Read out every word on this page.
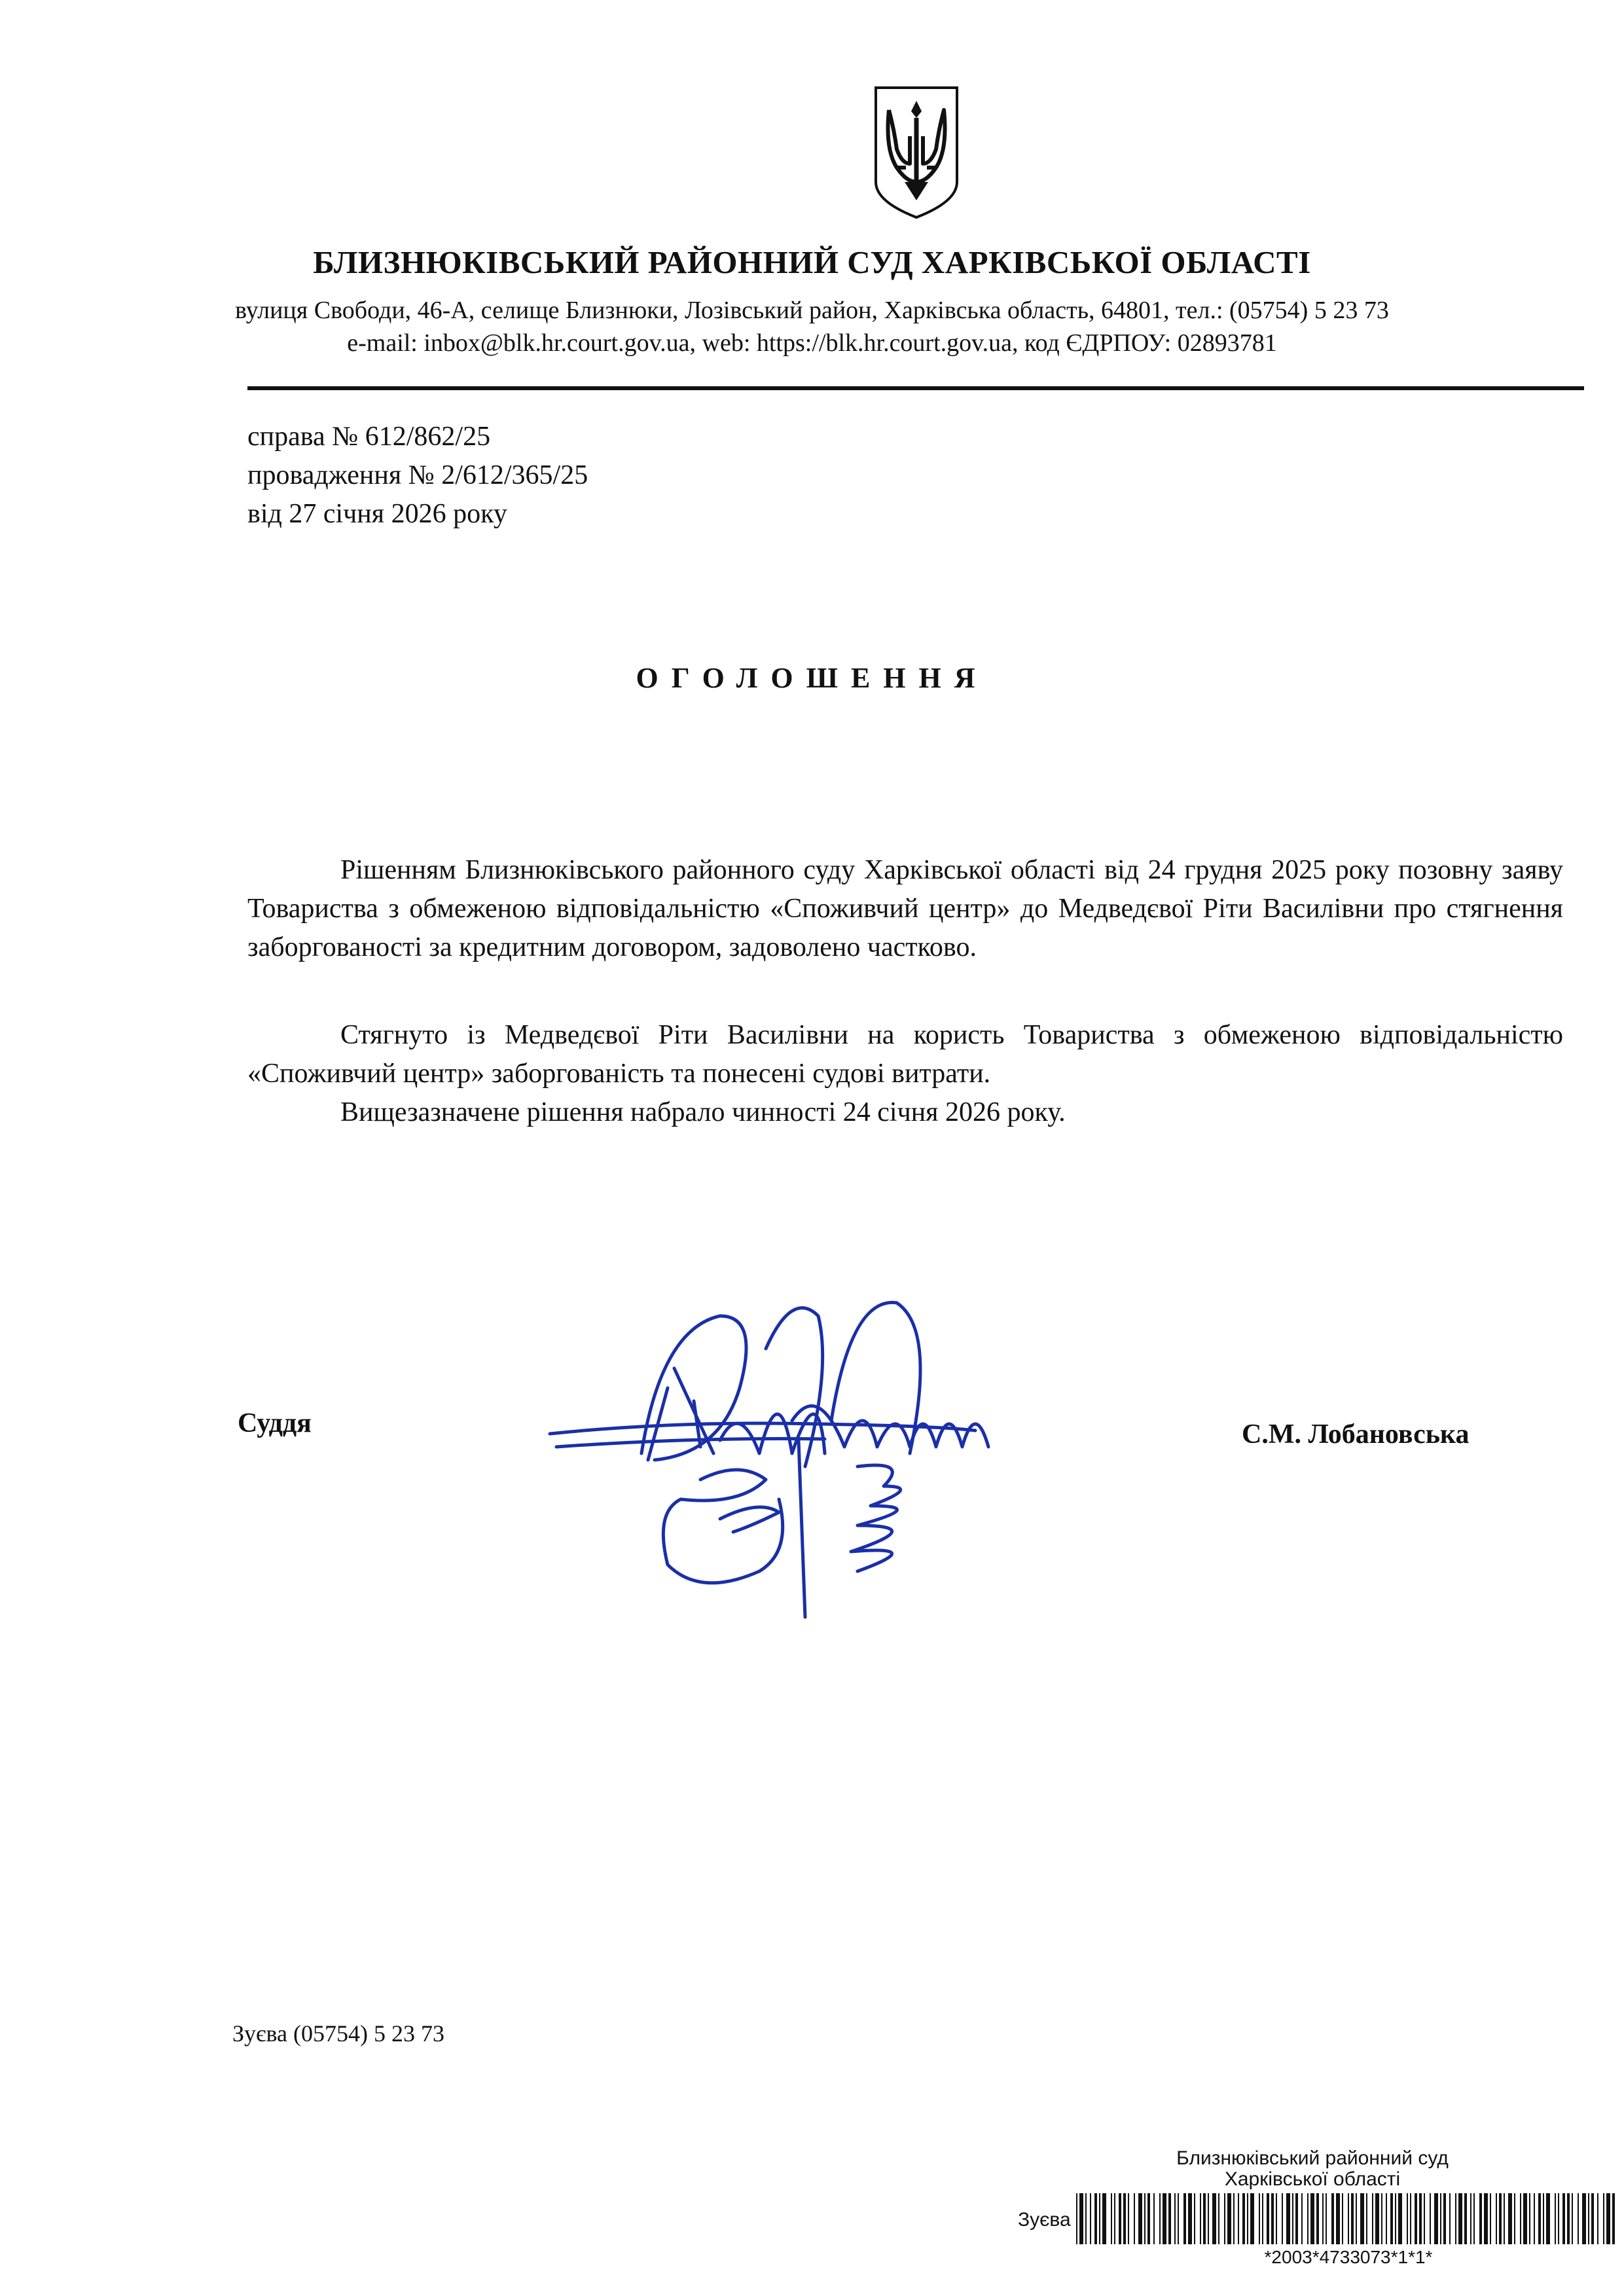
БЛИЗНЮКІВСЬКИЙ РАЙОННИЙ СУД ХАРКІВСЬКОЇ ОБЛАСТІ
вулиця Свободи, 46-А, селище Близнюки, Лозівський район, Харківська область, 64801, тел.: (05754) 5 23 73
e-mail: inbox@blk.hr.court.gov.ua, web: https://blk.hr.court.gov.ua, код ЄДРПОУ: 02893781
справа № 612/862/25
провадження № 2/612/365/25
від 27 січня 2026 року
ОГОЛОШЕННЯ
Рішенням Близнюківського районного суду Харківської області від 24 грудня 2025 року позовну заяву Товариства з обмеженою відповідальністю «Споживчий центр» до Медведєвої Ріти Василівни про стягнення заборгованості за кредитним договором, задоволено частково.
Стягнуто із Медведєвої Ріти Василівни на користь Товариства з обмеженою відповідальністю «Споживчий центр» заборгованість та понесені судові витрати.
Вищезазначене рішення набрало чинності 24 січня 2026 року.
Суддя	С.М. Лобановська
Зуєва (05754) 5 23 73
Близнюківський районний суд
Харківської області
Зуєва
*2003*4733073*1*1*
